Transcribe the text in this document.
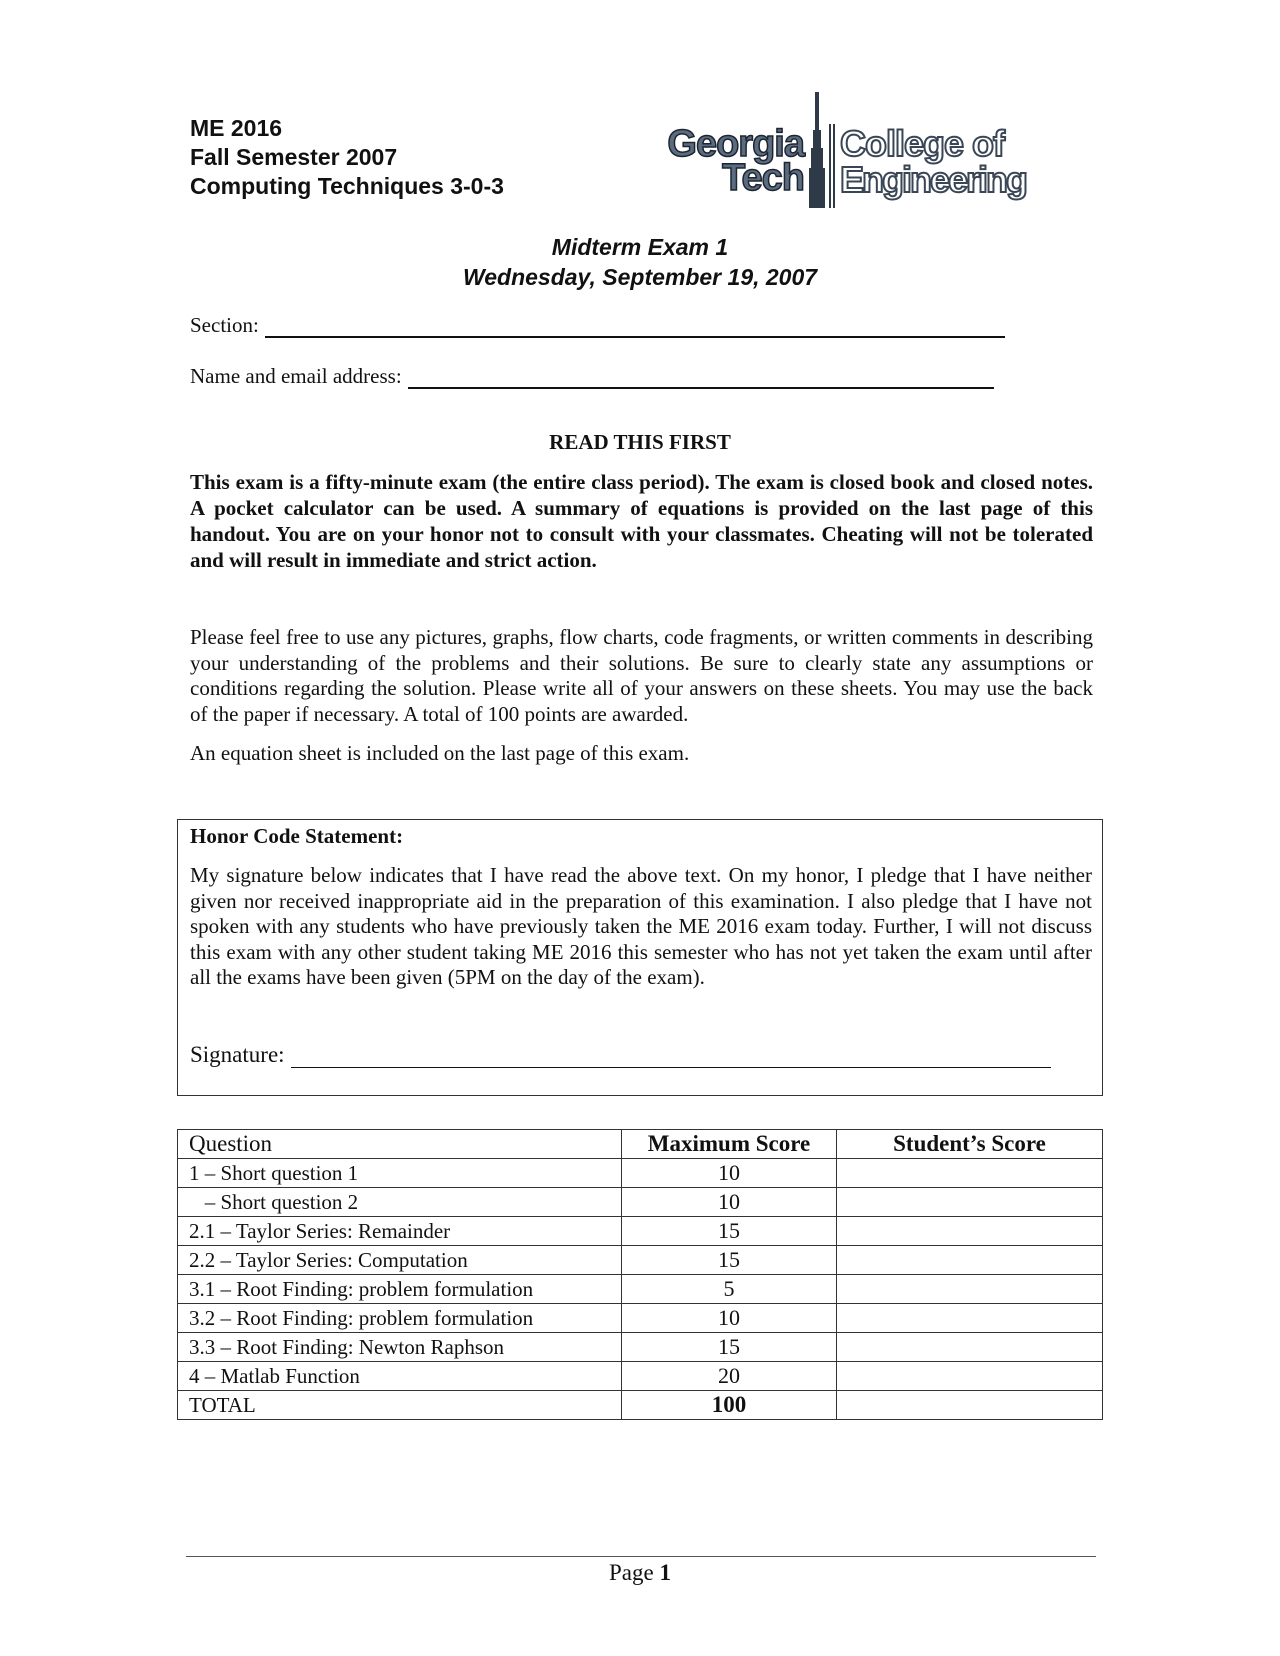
ME 2016
Fall Semester 2007
Computing Techniques 3-0-3
Georgia
Tech
College of
Engineering
Midterm Exam 1
Wednesday, September 19, 2007
Section:
Name and email address:
READ THIS FIRST
This exam is a fifty-minute exam (the entire class period). The exam is closed book and closed notes. A pocket calculator can be used. A summary of equations is provided on the last page of this handout. You are on your honor not to consult with your classmates. Cheating will not be tolerated and will result in immediate and strict action.
Please feel free to use any pictures, graphs, flow charts, code fragments, or written comments in describing your understanding of the problems and their solutions. Be sure to clearly state any assumptions or conditions regarding the solution. Please write all of your answers on these sheets. You may use the back of the paper if necessary. A total of 100 points are awarded.
An equation sheet is included on the last page of this exam.
Honor Code Statement:
My signature below indicates that I have read the above text. On my honor, I pledge that I have neither given nor received inappropriate aid in the preparation of this examination. I also pledge that I have not spoken with any students who have previously taken the ME 2016 exam today. Further, I will not discuss this exam with any other student taking ME 2016 this semester who has not yet taken the exam until after all the exams have been given (5PM on the day of the exam).
Signature:
Question	Maximum Score	Student’s Score
1 – Short question 1	10	
– Short question 2	10	
2.1 – Taylor Series: Remainder	15	
2.2 – Taylor Series: Computation	15	
3.1 – Root Finding: problem formulation	5	
3.2 – Root Finding: problem formulation	10	
3.3 – Root Finding: Newton Raphson	15	
4 – Matlab Function	20	
TOTAL	100	
Page 1
